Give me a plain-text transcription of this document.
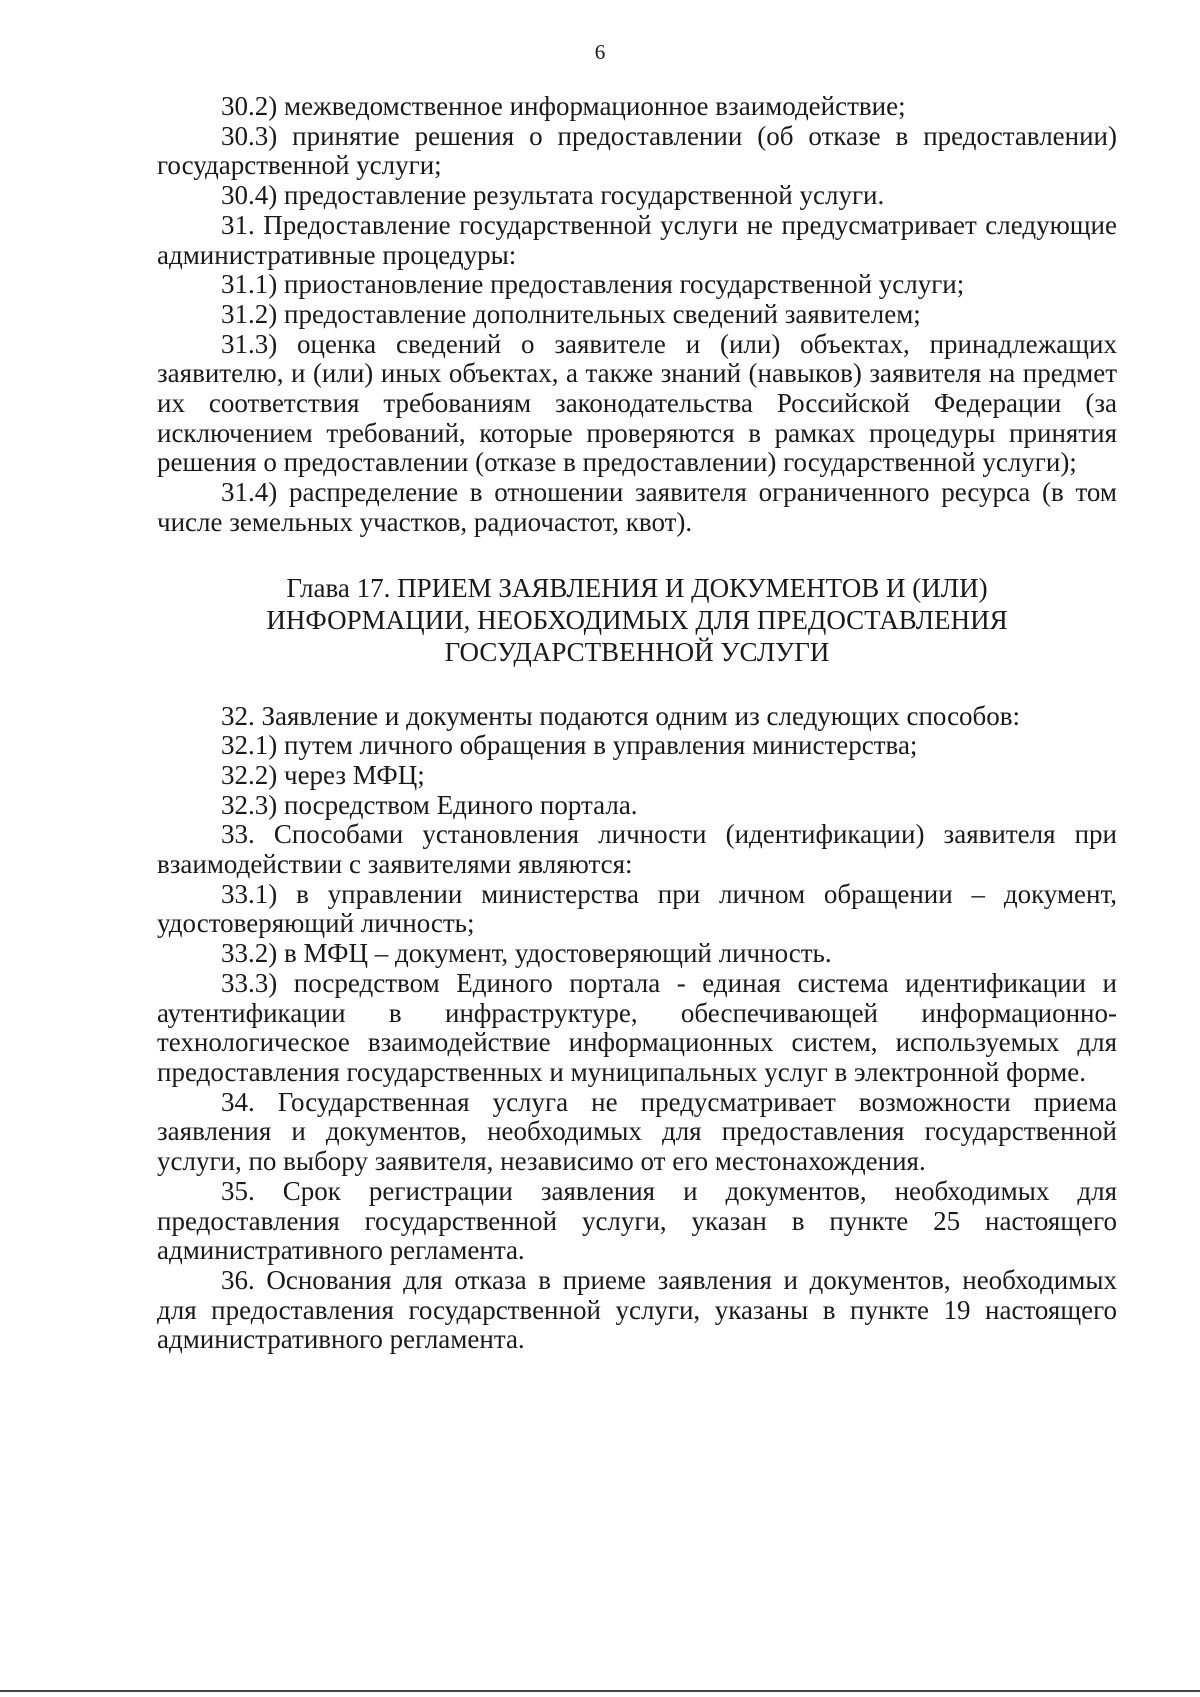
6

30.2) межведомственное информационное взаимодействие;

30.3) принятие решения о предоставлении (об отказе в предоставлении) государственной услуги;

30.4) предоставление результата государственной услуги.

31. Предоставление государственной услуги не предусматривает следующие административные процедуры:

31.1) приостановление предоставления государственной услуги;

31.2) предоставление дополнительных сведений заявителем;

31.3) оценка сведений о заявителе и (или) объектах, принадлежащих заявителю, и (или) иных объектах, а также знаний (навыков) заявителя на предмет их соответствия требованиям законодательства Российской Федерации (за исключением требований, которые проверяются в рамках процедуры принятия решения о предоставлении (отказе в предоставлении) государственной услуги);

31.4) распределение в отношении заявителя ограниченного ресурса (в том числе земельных участков, радиочастот, квот).

Глава 17. ПРИЕМ ЗАЯВЛЕНИЯ И ДОКУМЕНТОВ И (ИЛИ)
ИНФОРМАЦИИ, НЕОБХОДИМЫХ ДЛЯ ПРЕДОСТАВЛЕНИЯ
ГОСУДАРСТВЕННОЙ УСЛУГИ

32. Заявление и документы подаются одним из следующих способов:

32.1) путем личного обращения в управления министерства;

32.2) через МФЦ;

32.3) посредством Единого портала.

33. Способами установления личности (идентификации) заявителя при взаимодействии с заявителями являются:

33.1) в управлении министерства при личном обращении – документ, удостоверяющий личность;

33.2) в МФЦ – документ, удостоверяющий личность.

33.3) посредством Единого портала - единая система идентификации и аутентификации в инфраструктуре, обеспечивающей информационно-технологическое взаимодействие информационных систем, используемых для предоставления государственных и муниципальных услуг в электронной форме.

34. Государственная услуга не предусматривает возможности приема заявления и документов, необходимых для предоставления государственной услуги, по выбору заявителя, независимо от его местонахождения.

35. Срок регистрации заявления и документов, необходимых для предоставления государственной услуги, указан в пункте 25 настоящего административного регламента.

36. Основания для отказа в приеме заявления и документов, необходимых для предоставления государственной услуги, указаны в пункте 19 настоящего административного регламента.
